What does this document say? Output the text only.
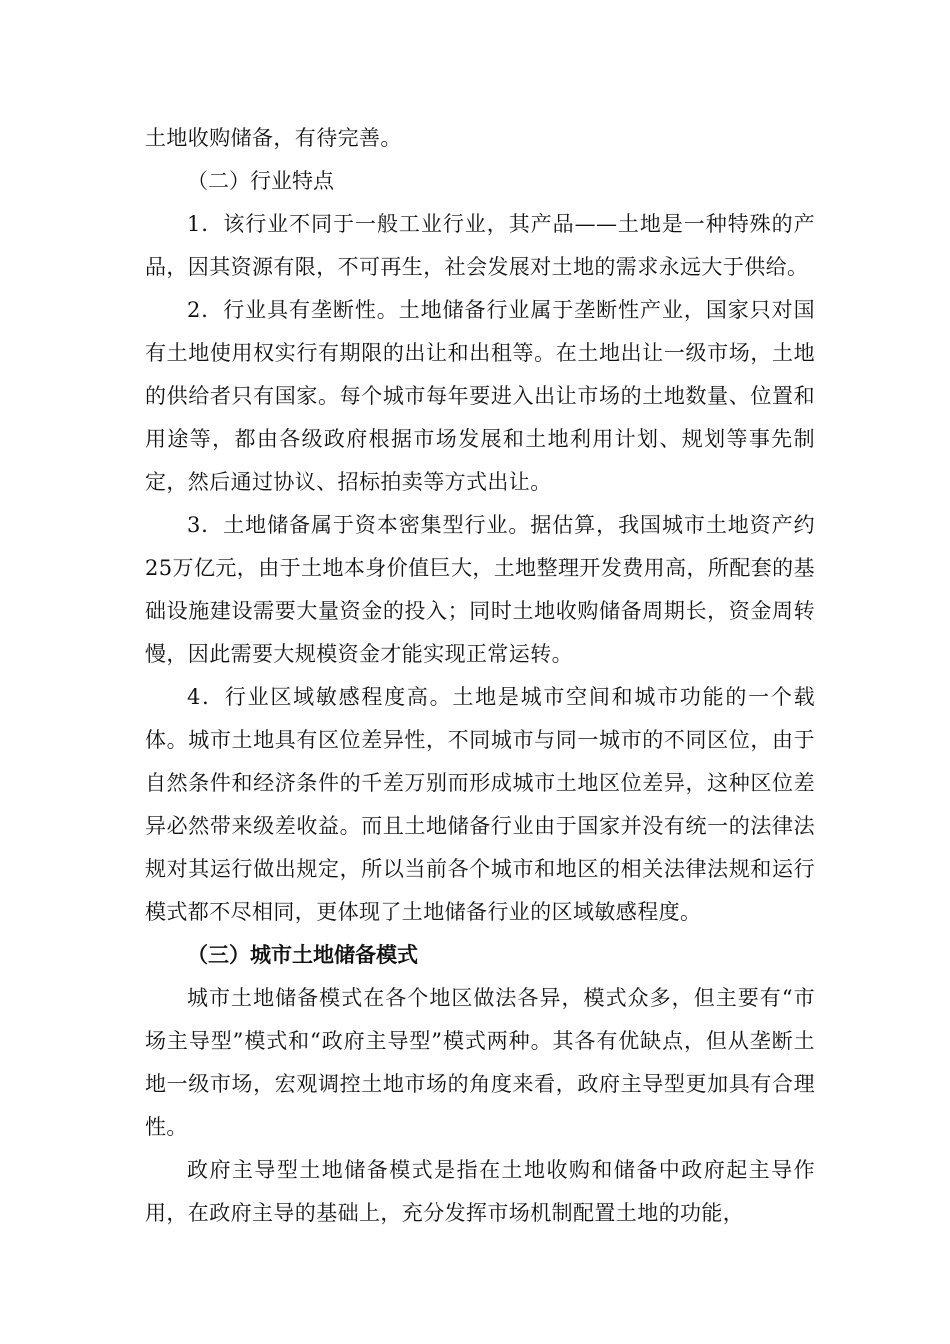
土地收购储备，有待完善。

（二）行业特点

1．该行业不同于一般工业行业，其产品——土地是一种特殊的产品，因其资源有限，不可再生，社会发展对土地的需求永远大于供给。

2．行业具有垄断性。土地储备行业属于垄断性产业，国家只对国有土地使用权实行有期限的出让和出租等。在土地出让一级市场，土地的供给者只有国家。每个城市每年要进入出让市场的土地数量、位置和用途等，都由各级政府根据市场发展和土地利用计划、规划等事先制定，然后通过协议、招标拍卖等方式出让。

3．土地储备属于资本密集型行业。据估算，我国城市土地资产约25万亿元，由于土地本身价值巨大，土地整理开发费用高，所配套的基础设施建设需要大量资金的投入；同时土地收购储备周期长，资金周转慢，因此需要大规模资金才能实现正常运转。

4．行业区域敏感程度高。土地是城市空间和城市功能的一个载体。城市土地具有区位差异性，不同城市与同一城市的不同区位，由于自然条件和经济条件的千差万别而形成城市土地区位差异，这种区位差异必然带来级差收益。而且土地储备行业由于国家并没有统一的法律法规对其运行做出规定，所以当前各个城市和地区的相关法律法规和运行模式都不尽相同，更体现了土地储备行业的区域敏感程度。

（三）城市土地储备模式

城市土地储备模式在各个地区做法各异，模式众多，但主要有“市场主导型”模式和“政府主导型”模式两种。其各有优缺点，但从垄断土地一级市场，宏观调控土地市场的角度来看，政府主导型更加具有合理性。

政府主导型土地储备模式是指在土地收购和储备中政府起主导作用，在政府主导的基础上，充分发挥市场机制配置土地的功能，
